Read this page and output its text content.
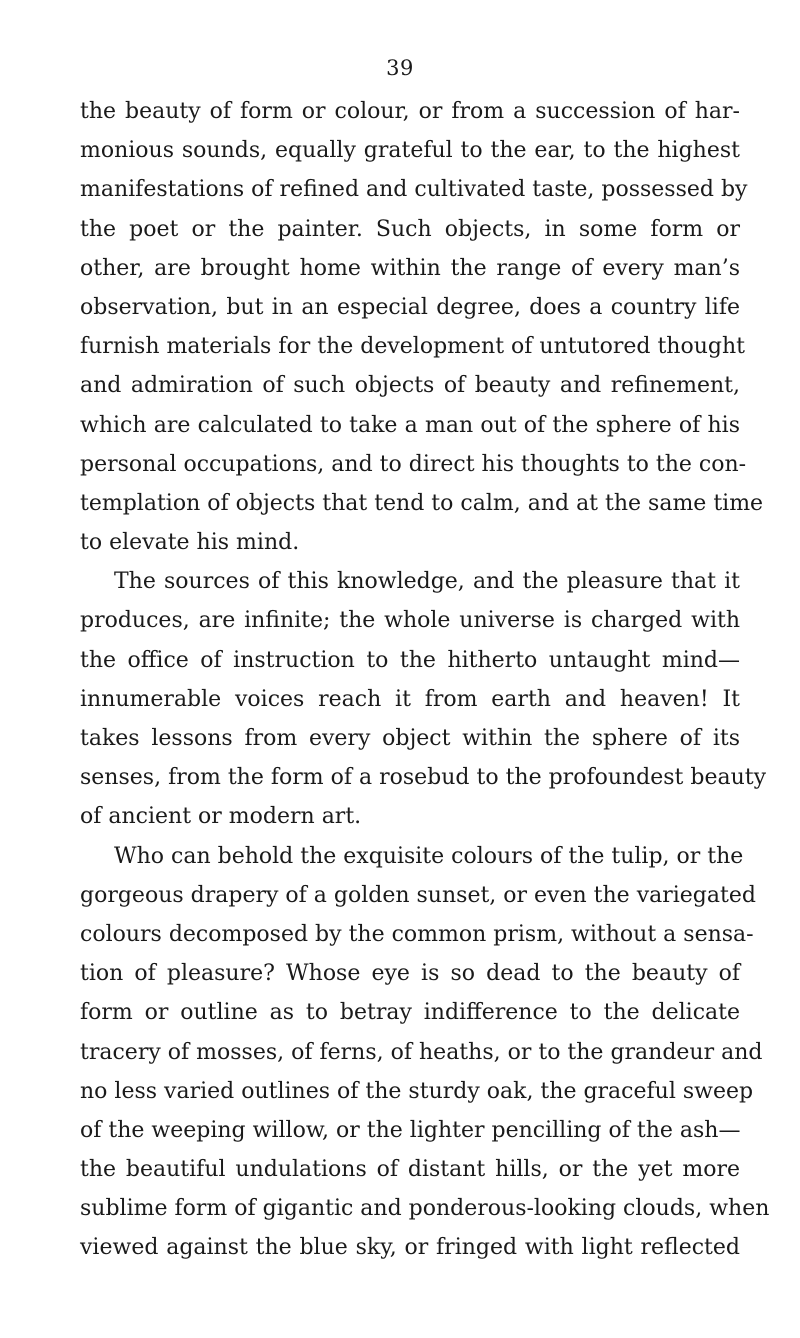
39
the beauty of form or colour, or from a succession of har-
monious sounds, equally grateful to the ear, to the highest
manifestations of refined and cultivated taste, possessed by
the poet or the painter. Such objects, in some form or
other, are brought home within the range of every man’s
observation, but in an especial degree, does a country life
furnish materials for the development of untutored thought
and admiration of such objects of beauty and refinement,
which are calculated to take a man out of the sphere of his
personal occupations, and to direct his thoughts to the con-
templation of objects that tend to calm, and at the same time
to elevate his mind.
The sources of this knowledge, and the pleasure that it
produces, are infinite; the whole universe is charged with
the office of instruction to the hitherto untaught mind—
innumerable voices reach it from earth and heaven! It
takes lessons from every object within the sphere of its
senses, from the form of a rosebud to the profoundest beauty
of ancient or modern art.
Who can behold the exquisite colours of the tulip, or the
gorgeous drapery of a golden sunset, or even the variegated
colours decomposed by the common prism, without a sensa-
tion of pleasure? Whose eye is so dead to the beauty of
form or outline as to betray indifference to the delicate
tracery of mosses, of ferns, of heaths, or to the grandeur and
no less varied outlines of the sturdy oak, the graceful sweep
of the weeping willow, or the lighter pencilling of the ash—
the beautiful undulations of distant hills, or the yet more
sublime form of gigantic and ponderous-looking clouds, when
viewed against the blue sky, or fringed with light reflected
